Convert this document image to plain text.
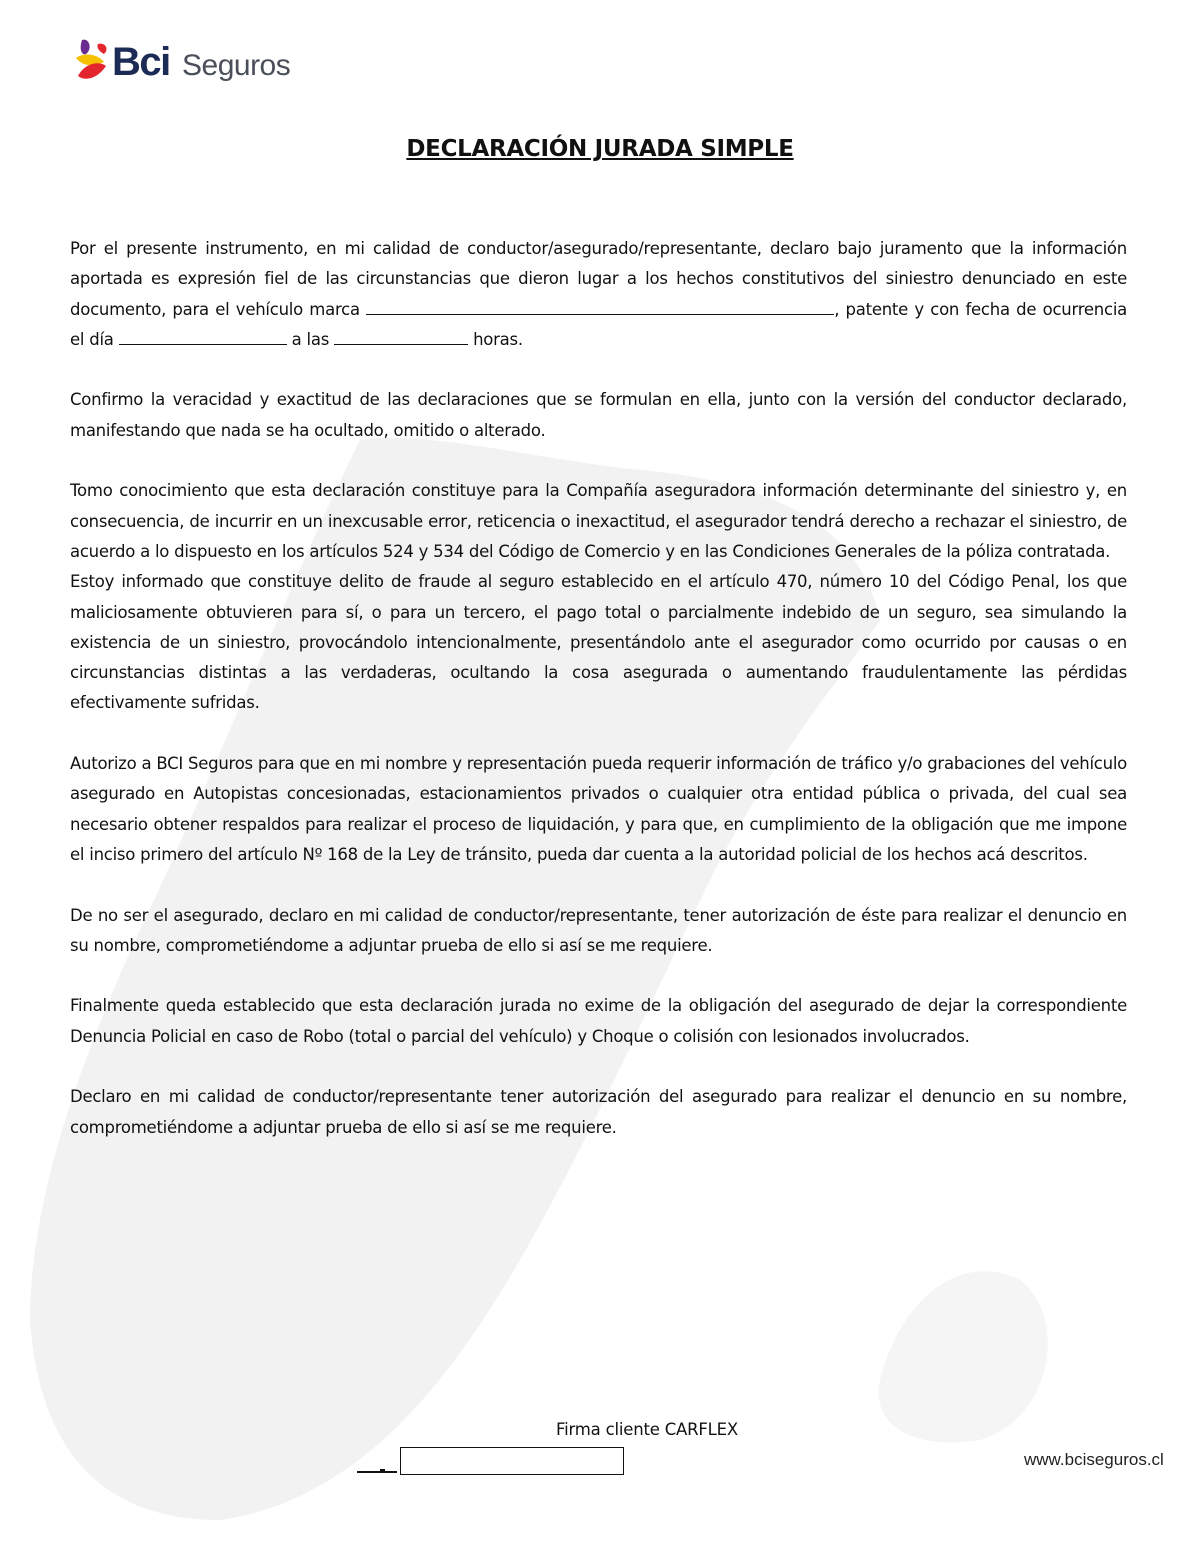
Bci Seguros
DECLARACIÓN JURADA SIMPLE

Por el presente instrumento, en mi calidad de conductor/asegurado/representante, declaro bajo juramento que la información aportada es expresión fiel de las circunstancias que dieron lugar a los hechos constitutivos del siniestro denunciado en este documento, para el vehículo marca	, patente y con fecha de ocurrencia el día	a las	horas.

Confirmo la veracidad y exactitud de las declaraciones que se formulan en ella, junto con la versión del conductor declarado, manifestando que nada se ha ocultado, omitido o alterado.

Tomo conocimiento que esta declaración constituye para la Compañía aseguradora información determinante del siniestro y, en consecuencia, de incurrir en un inexcusable error, reticencia o inexactitud, el asegurador tendrá derecho a rechazar el siniestro, de acuerdo a lo dispuesto en los artículos 524 y 534 del Código de Comercio y en las Condiciones Generales de la póliza contratada.

Estoy informado que constituye delito de fraude al seguro establecido en el artículo 470, número 10 del Código Penal, los que maliciosamente obtuvieren para sí, o para un tercero, el pago total o parcialmente indebido de un seguro, sea simulando la existencia de un siniestro, provocándolo intencionalmente, presentándolo ante el asegurador como ocurrido por causas o en circunstancias distintas a las verdaderas, ocultando la cosa asegurada o aumentando fraudulentamente las pérdidas efectivamente sufridas.

Autorizo a BCI Seguros para que en mi nombre y representación pueda requerir información de tráfico y/o grabaciones del vehículo asegurado en Autopistas concesionadas, estacionamientos privados o cualquier otra entidad pública o privada, del cual sea necesario obtener respaldos para realizar el proceso de liquidación, y para que, en cumplimiento de la obligación que me impone el inciso primero del artículo Nº 168 de la Ley de tránsito, pueda dar cuenta a la autoridad policial de los hechos acá descritos.

De no ser el asegurado, declaro en mi calidad de conductor/representante, tener autorización de éste para realizar el denuncio en su nombre, comprometiéndome a adjuntar prueba de ello si así se me requiere.

Finalmente queda establecido que esta declaración jurada no exime de la obligación del asegurado de dejar la correspondiente Denuncia Policial en caso de Robo (total o parcial del vehículo) y Choque o colisión con lesionados involucrados.

Declaro en mi calidad de conductor/representante tener autorización del asegurado para realizar el denuncio en su nombre, comprometiéndome a adjuntar prueba de ello si así se me requiere.

Firma cliente CARFLEX
www.bciseguros.cl
